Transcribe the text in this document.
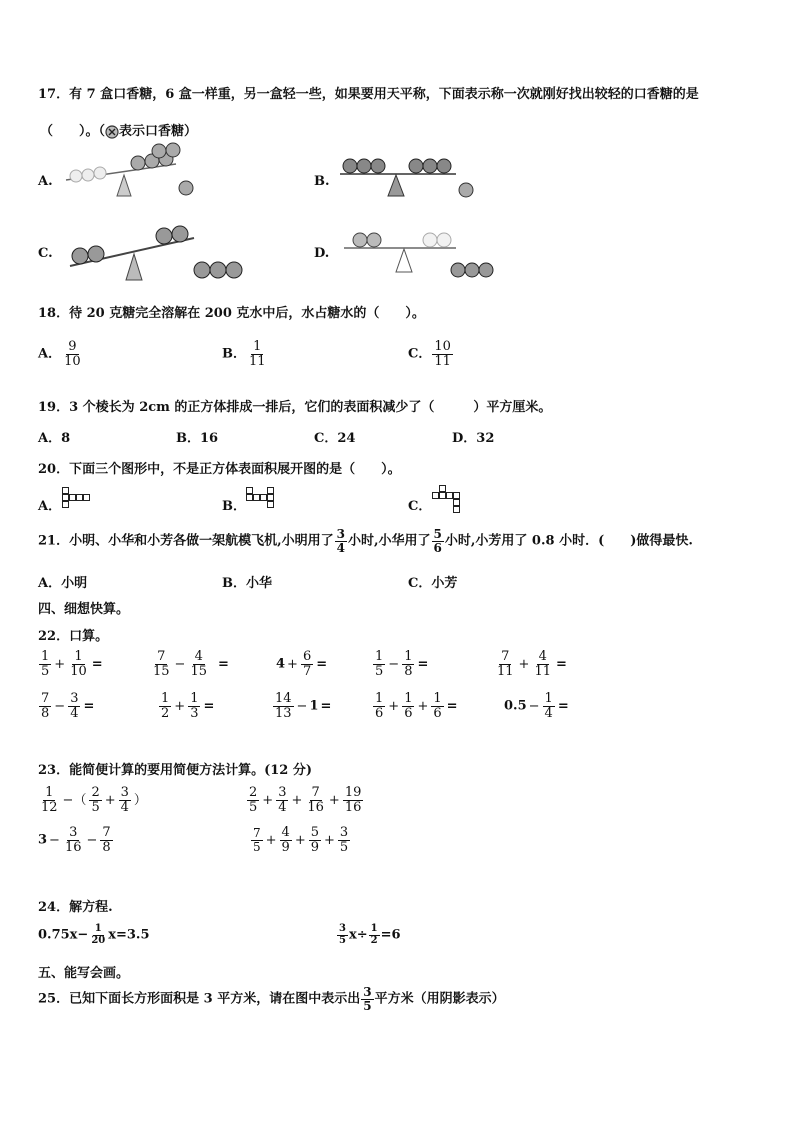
17．有 7 盒口香糖，6 盒一样重，另一盒轻一些，如果要用天平称，下面表示称一次就刚好找出较轻的口香糖的是
（　　）。（ 表示口香糖）
A.	B.
C.	D.
18．待 20 克糖完全溶解在 200 克水中后，水占糖水的（　　）。
A． $\frac{9}{10}$	B． $\frac{1}{11}$	C． $\frac{10}{11}$
19．3 个棱长为 2cm 的正方体排成一排后，它们的表面积减少了（　　　）平方厘米。
A．8	B．16	C．24	D．32
20．下面三个图形中，不是正方体表面积展开图的是（　　）。
A．	B．	C．
21．小明、小华和小芳各做一架航模飞机,小明用了 $\frac{3}{4}$ 小时,小华用了 $\frac{5}{6}$ 小时,小芳用了 0.8 小时．(　　)做得最快.
A．小明	B．小华	C．小芳
四、细想快算。
22．口算。
$\frac{1}{5} + \frac{1}{10}$ =	$\frac{7}{15} - \frac{4}{15}$ =	$4 + \frac{6}{7}$ =	$\frac{1}{5} - \frac{1}{8}$ =	$\frac{7}{11} + \frac{4}{11}$ =
$\frac{7}{8} - \frac{3}{4}$ =	$\frac{1}{2} + \frac{1}{3}$ =	$\frac{14}{13} - 1$ =	$\frac{1}{6} + \frac{1}{6} + \frac{1}{6}$ =	$0.5 - \frac{1}{4}$ =
23．能简便计算的要用简便方法计算。(12 分)
$\frac{1}{12}$ −（ $\frac{2}{5} + \frac{3}{4}$ ）	$\frac{2}{5} + \frac{3}{4} + \frac{7}{16} + \frac{19}{16}$
$3 - \frac{3}{16} - \frac{7}{8}$	$\frac{7}{5} + \frac{4}{9} + \frac{5}{9} + \frac{3}{5}$
24．解方程.
$0.75x- \frac{1}{20} x=3.5$	$\frac{3}{5} x\div \frac{1}{2} =6$
五、能写会画。
25．已知下面长方形面积是 3 平方米，请在图中表示出 $\frac{3}{5}$ 平方米（用阴影表示）
